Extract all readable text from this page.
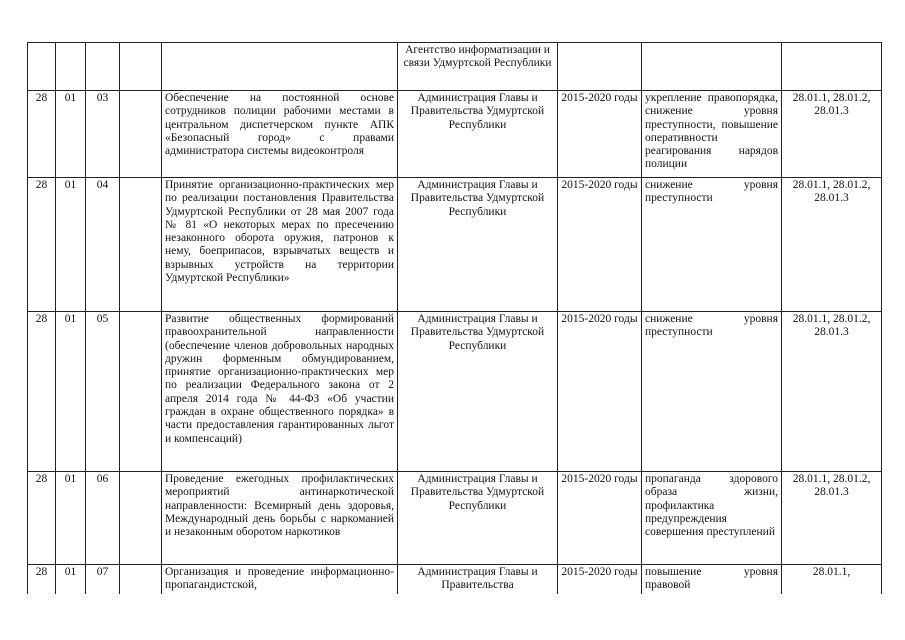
					Агентство информатизации и связи Удмуртской Республики			
28	01	03		Обеспечение на постоянной основе сотрудников полиции рабочими местами в центральном диспетчерском пункте АПК «Безопасный город» с правами администратора системы видеоконтроля	Администрация Главы и Правительства Удмуртской Республики	2015-2020 годы	укрепление правопорядка, снижение уровня преступности, повышение оперативности реагирования нарядов полиции	28.01.1, 28.01.2, 28.01.3
28	01	04		Принятие организационно-практических мер по реализации постановления Правительства Удмуртской Республики от 28 мая 2007 года № 81 «О некоторых мерах по пресечению незаконного оборота оружия, патронов к нему, боеприпасов, взрывчатых веществ и взрывных устройств на территории Удмуртской Республики»	Администрация Главы и Правительства Удмуртской Республики	2015-2020 годы	снижение уровня преступности	28.01.1, 28.01.2, 28.01.3
28	01	05		Развитие общественных формирований правоохранительной направленности (обеспечение членов добровольных народных дружин форменным обмундированием, принятие организационно-практических мер по реализации Федерального закона от 2 апреля 2014 года № 44-ФЗ «Об участии граждан в охране общественного порядка» в части предоставления гарантированных льгот и компенсаций)	Администрация Главы и Правительства Удмуртской Республики	2015-2020 годы	снижение уровня преступности	28.01.1, 28.01.2, 28.01.3
28	01	06		Проведение ежегодных профилактических мероприятий антинаркотической направленности: Всемирный день здоровья, Международный день борьбы с наркоманией и незаконным оборотом наркотиков	Администрация Главы и Правительства Удмуртской Республики	2015-2020 годы	пропаганда здорового образа жизни, профилактика предупреждения совершения преступлений	28.01.1, 28.01.2, 28.01.3
28	01	07		Организация и проведение информационно-пропагандистской,	Администрация Главы и Правительства	2015-2020 годы	повышение уровня правовой	28.01.1,
